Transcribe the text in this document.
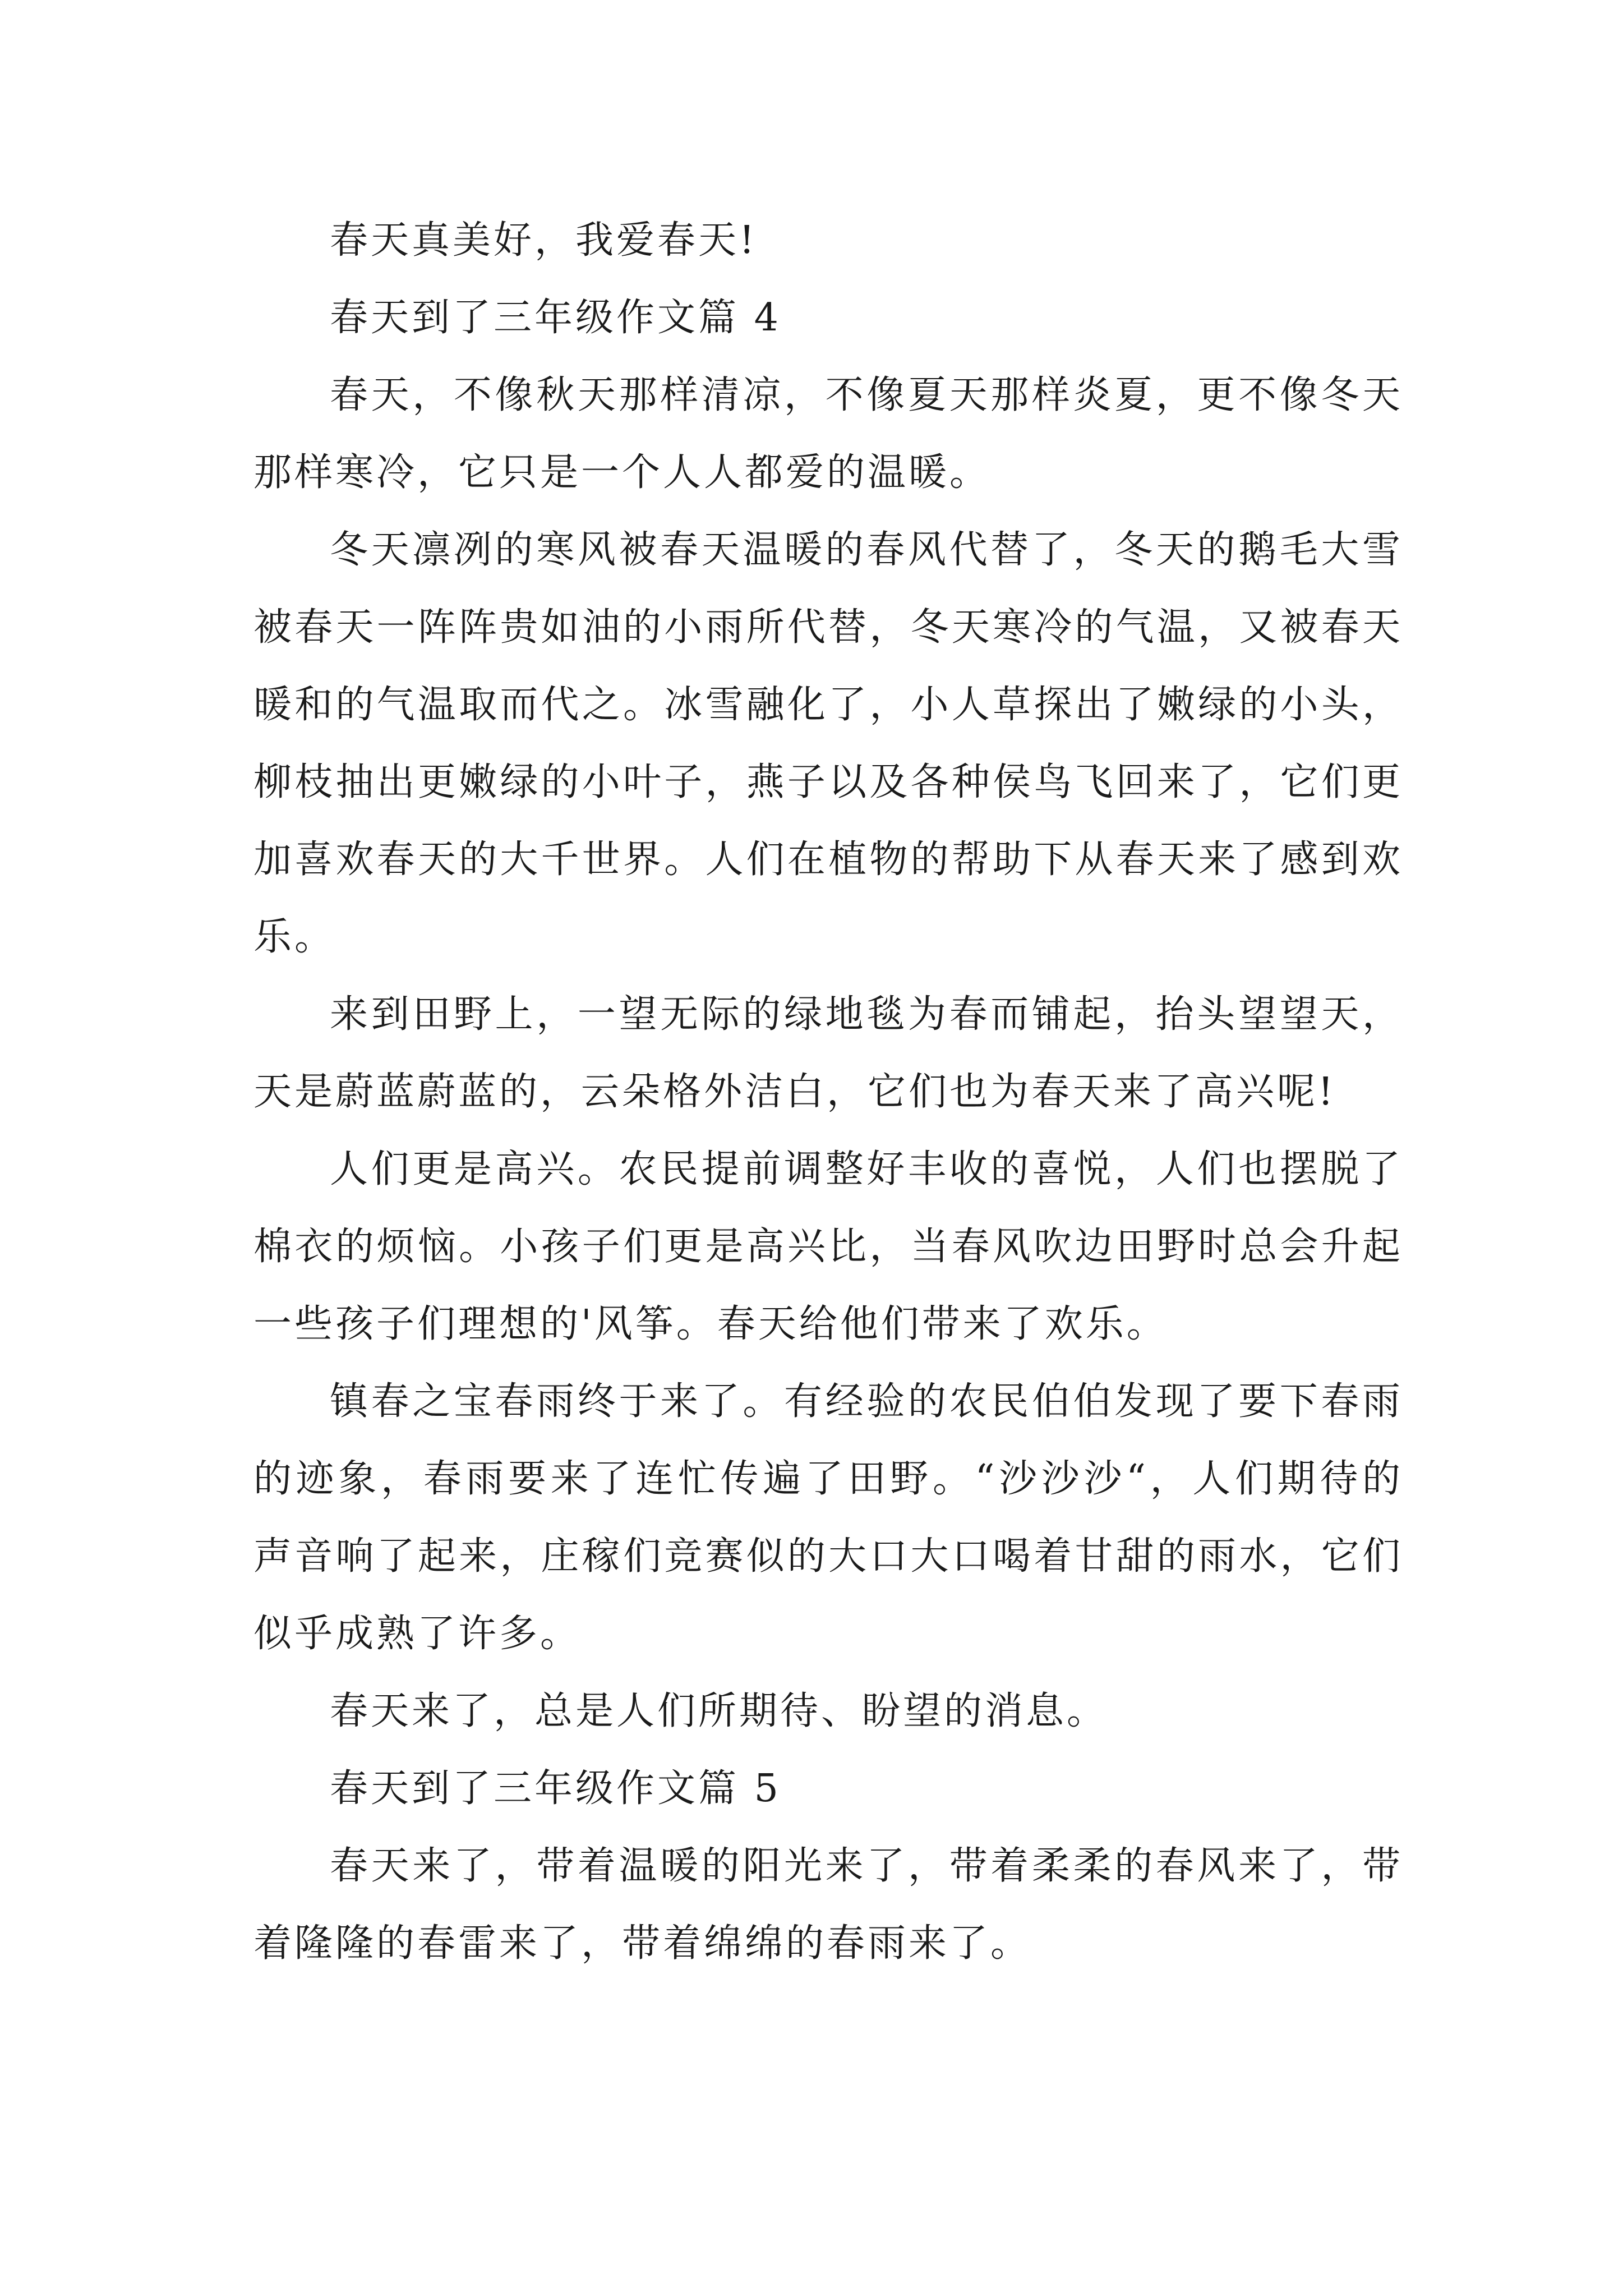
春天真美好，我爱春天!

春天到了三年级作文篇 4

春天，不像秋天那样清凉，不像夏天那样炎夏，更不像冬天那样寒冷，它只是一个人人都爱的温暖。

冬天凛冽的寒风被春天温暖的春风代替了，冬天的鹅毛大雪被春天一阵阵贵如油的小雨所代替，冬天寒冷的气温，又被春天暖和的气温取而代之。冰雪融化了，小人草探出了嫩绿的小头，柳枝抽出更嫩绿的小叶子，燕子以及各种侯鸟飞回来了，它们更加喜欢春天的大千世界。人们在植物的帮助下从春天来了感到欢乐。

来到田野上，一望无际的绿地毯为春而铺起，抬头望望天，天是蔚蓝蔚蓝的，云朵格外洁白，它们也为春天来了高兴呢!

人们更是高兴。农民提前调整好丰收的喜悦，人们也摆脱了棉衣的烦恼。小孩子们更是高兴比，当春风吹边田野时总会升起一些孩子们理想的'风筝。春天给他们带来了欢乐。

镇春之宝春雨终于来了。有经验的农民伯伯发现了要下春雨的迹象，春雨要来了连忙传遍了田野。“沙沙沙“，人们期待的声音响了起来，庄稼们竞赛似的大口大口喝着甘甜的雨水，它们似乎成熟了许多。

春天来了，总是人们所期待、盼望的消息。

春天到了三年级作文篇 5

春天来了，带着温暖的阳光来了，带着柔柔的春风来了，带着隆隆的春雷来了，带着绵绵的春雨来了。
